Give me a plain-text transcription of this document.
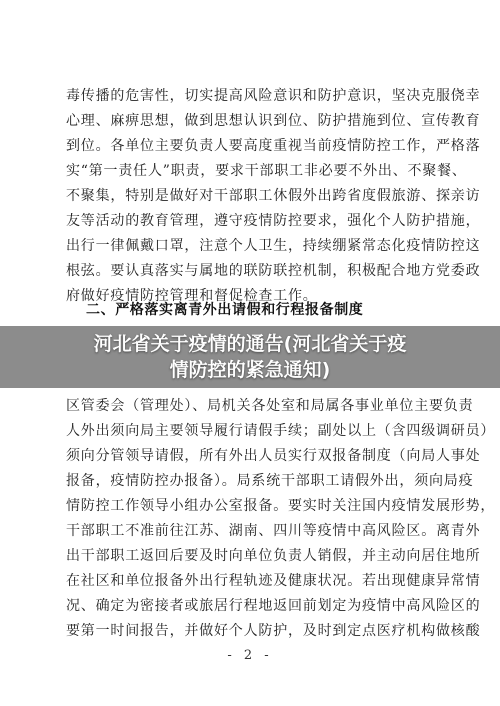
毒传播的危害性，切实提高风险意识和防护意识，坚决克服侥幸
心理、麻痹思想，做到思想认识到位、防护措施到位、宣传教育
到位。各单位主要负责人要高度重视当前疫情防控工作，严格落
实“第一责任人”职责，要求干部职工非必要不外出、不聚餐、
不聚集，特别是做好对干部职工休假外出跨省度假旅游、探亲访
友等活动的教育管理，遵守疫情防控要求，强化个人防护措施，
出行一律佩戴口罩，注意个人卫生，持续绷紧常态化疫情防控这
根弦。要认真落实与属地的联防联控机制，积极配合地方党委政
府做好疫情防控管理和督促检查工作。
二、严格落实离青外出请假和行程报备制度
区管委会（管理处）、局机关各处室和局属各事业单位主要负责
人外出须向局主要领导履行请假手续；副处以上（含四级调研员）
须向分管领导请假，所有外出人员实行双报备制度（向局人事处
报备，疫情防控办报备）。局系统干部职工请假外出，须向局疫
情防控工作领导小组办公室报备。要实时关注国内疫情发展形势，
干部职工不准前往江苏、湖南、四川等疫情中高风险区。离青外
出干部职工返回后要及时向单位负责人销假，并主动向居住地所
在社区和单位报备外出行程轨迹及健康状况。若出现健康异常情
况、确定为密接者或旅居行程地返回前划定为疫情中高风险区的
要第一时间报告，并做好个人防护，及时到定点医疗机构做核酸
- 2 -
河北省关于疫情的通告(河北省关于疫
情防控的紧急通知)
